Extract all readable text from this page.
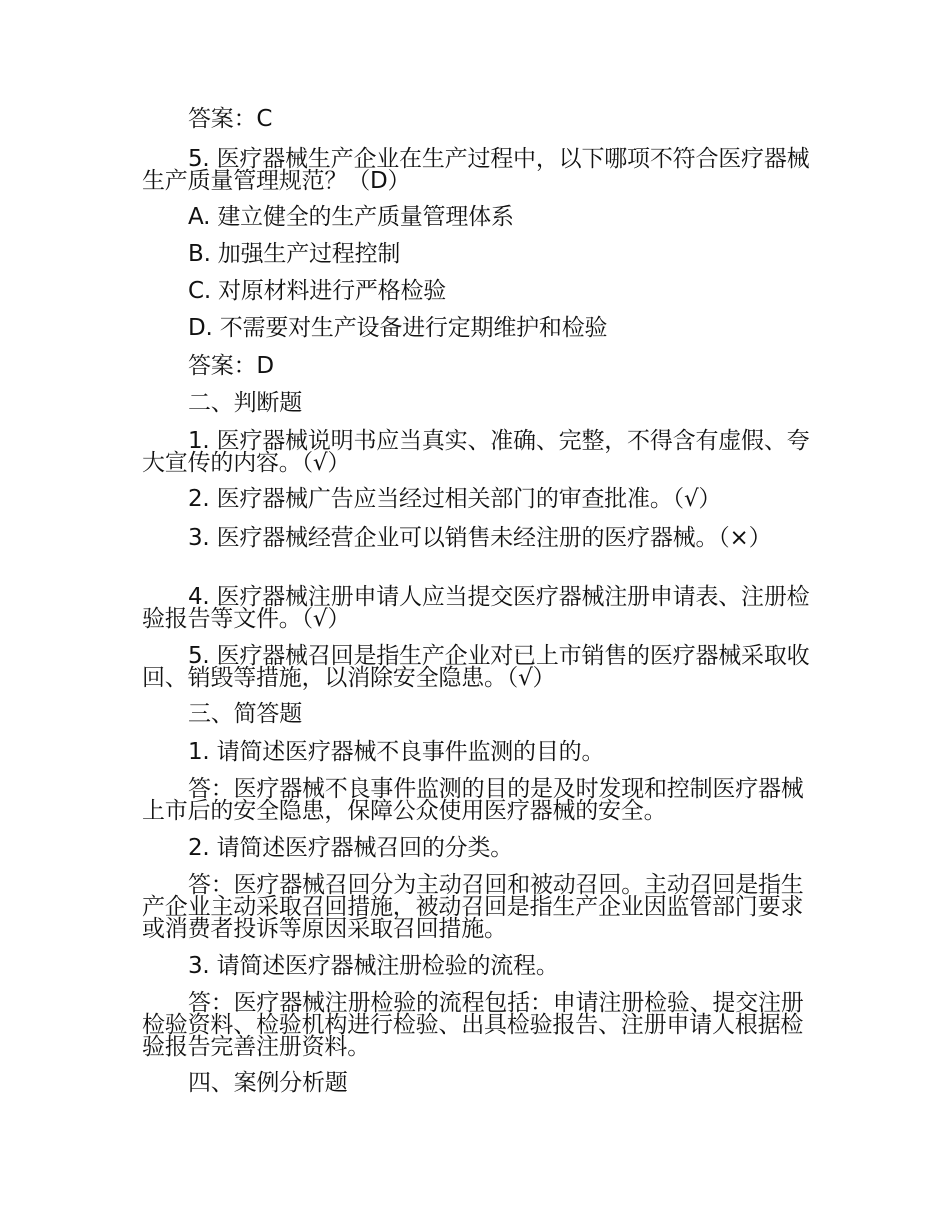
答案：C

5. 医疗器械生产企业在生产过程中，以下哪项不符合医疗器械生产质量管理规范？（D）

A. 建立健全的生产质量管理体系

B. 加强生产过程控制

C. 对原材料进行严格检验

D. 不需要对生产设备进行定期维护和检验

答案：D

二、判断题

1. 医疗器械说明书应当真实、准确、完整，不得含有虚假、夸大宣传的内容。（√）

2. 医疗器械广告应当经过相关部门的审查批准。（√）

3. 医疗器械经营企业可以销售未经注册的医疗器械。（×）

4. 医疗器械注册申请人应当提交医疗器械注册申请表、注册检验报告等文件。（√）

5. 医疗器械召回是指生产企业对已上市销售的医疗器械采取收回、销毁等措施，以消除安全隐患。（√）

三、简答题

1. 请简述医疗器械不良事件监测的目的。

答：医疗器械不良事件监测的目的是及时发现和控制医疗器械上市后的安全隐患，保障公众使用医疗器械的安全。

2. 请简述医疗器械召回的分类。

答：医疗器械召回分为主动召回和被动召回。主动召回是指生产企业主动采取召回措施，被动召回是指生产企业因监管部门要求或消费者投诉等原因采取召回措施。

3. 请简述医疗器械注册检验的流程。

答：医疗器械注册检验的流程包括：申请注册检验、提交注册检验资料、检验机构进行检验、出具检验报告、注册申请人根据检验报告完善注册资料。

四、案例分析题
